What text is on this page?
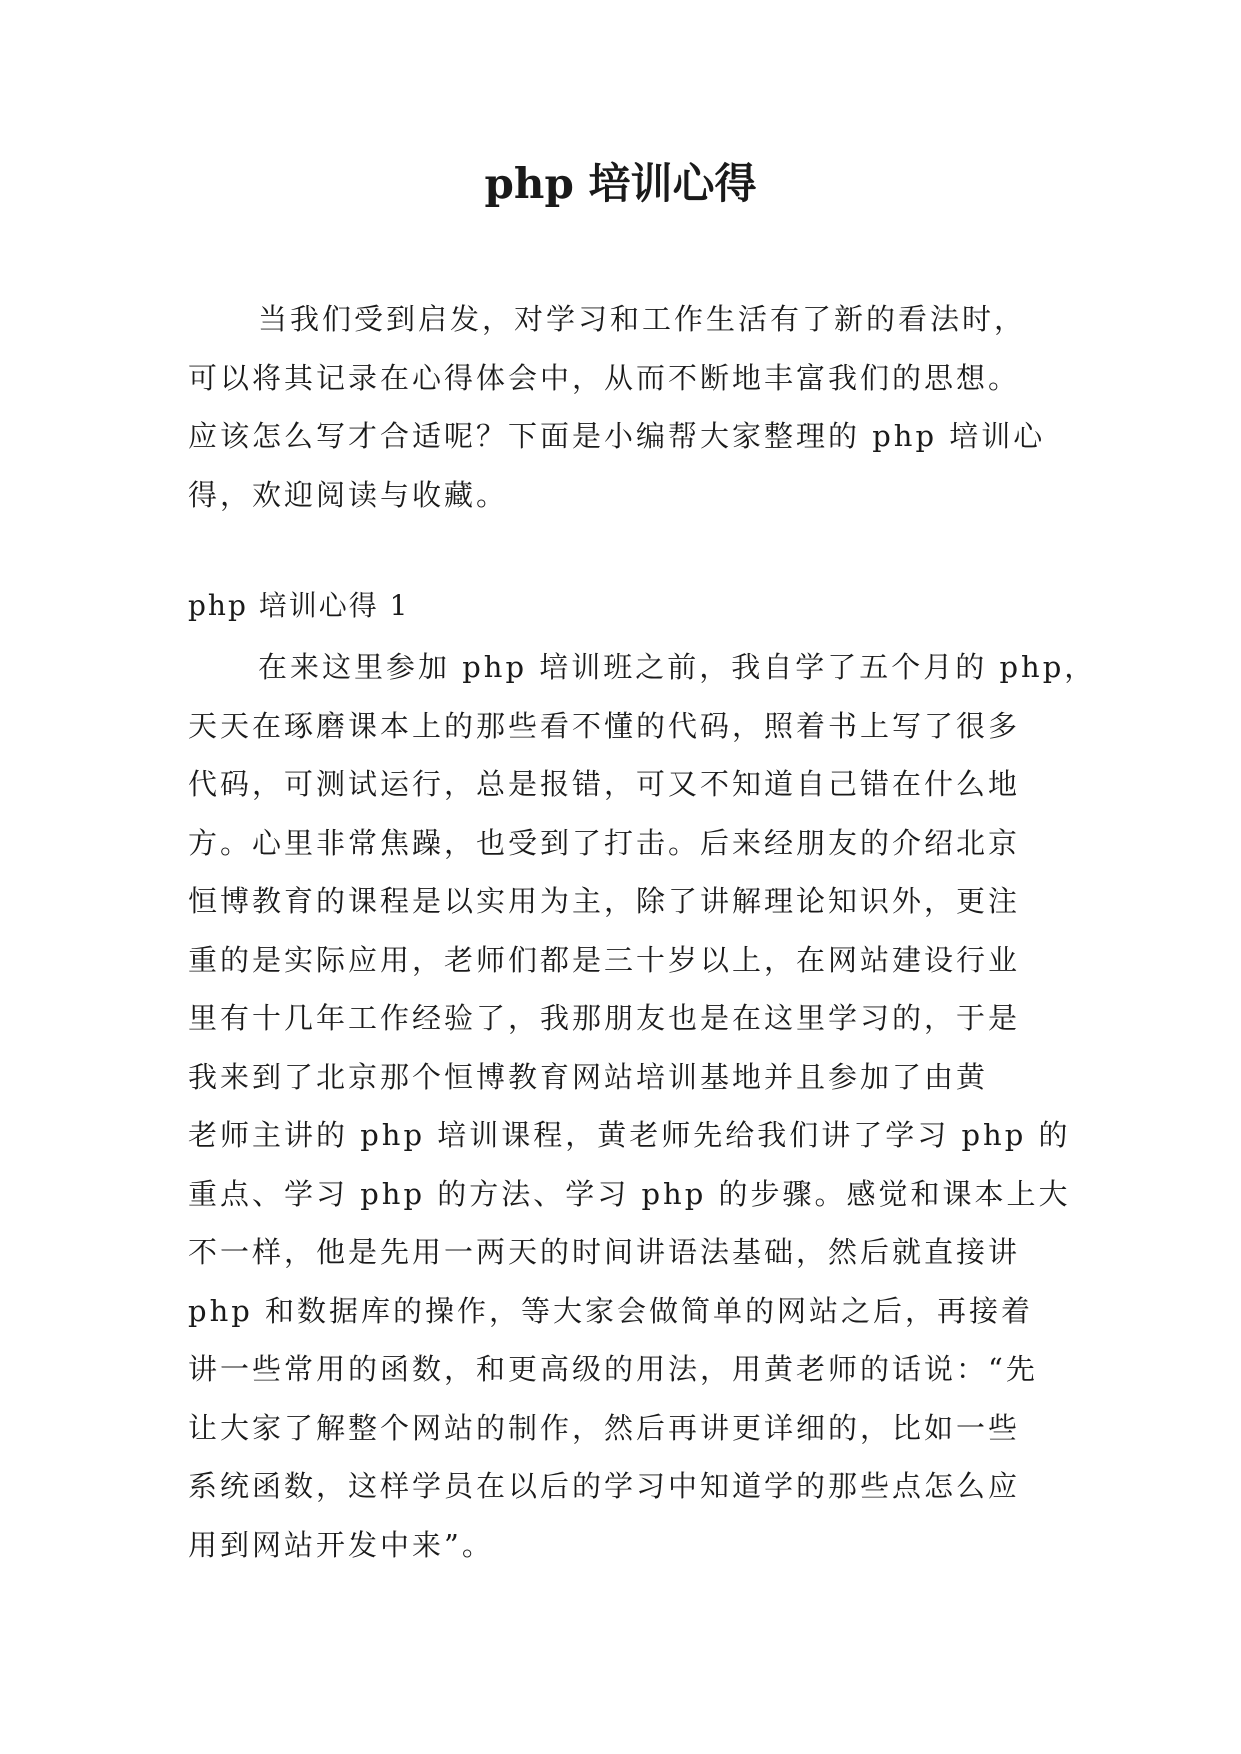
php 培训心得
当我们受到启发，对学习和工作生活有了新的看法时，
可以将其记录在心得体会中，从而不断地丰富我们的思想。
应该怎么写才合适呢？下面是小编帮大家整理的 php 培训心
得，欢迎阅读与收藏。
php 培训心得 1
在来这里参加 php 培训班之前，我自学了五个月的 php，
天天在琢磨课本上的那些看不懂的代码，照着书上写了很多
代码，可测试运行，总是报错，可又不知道自己错在什么地
方。心里非常焦躁，也受到了打击。后来经朋友的介绍北京
恒博教育的课程是以实用为主，除了讲解理论知识外，更注
重的是实际应用，老师们都是三十岁以上，在网站建设行业
里有十几年工作经验了，我那朋友也是在这里学习的，于是
我来到了北京那个恒博教育网站培训基地并且参加了由黄
老师主讲的 php 培训课程，黄老师先给我们讲了学习 php 的
重点、学习 php 的方法、学习 php 的步骤。感觉和课本上大
不一样，他是先用一两天的时间讲语法基础，然后就直接讲
php 和数据库的操作，等大家会做简单的网站之后，再接着
讲一些常用的函数，和更高级的用法，用黄老师的话说：“先
让大家了解整个网站的制作，然后再讲更详细的，比如一些
系统函数，这样学员在以后的学习中知道学的那些点怎么应
用到网站开发中来”。
